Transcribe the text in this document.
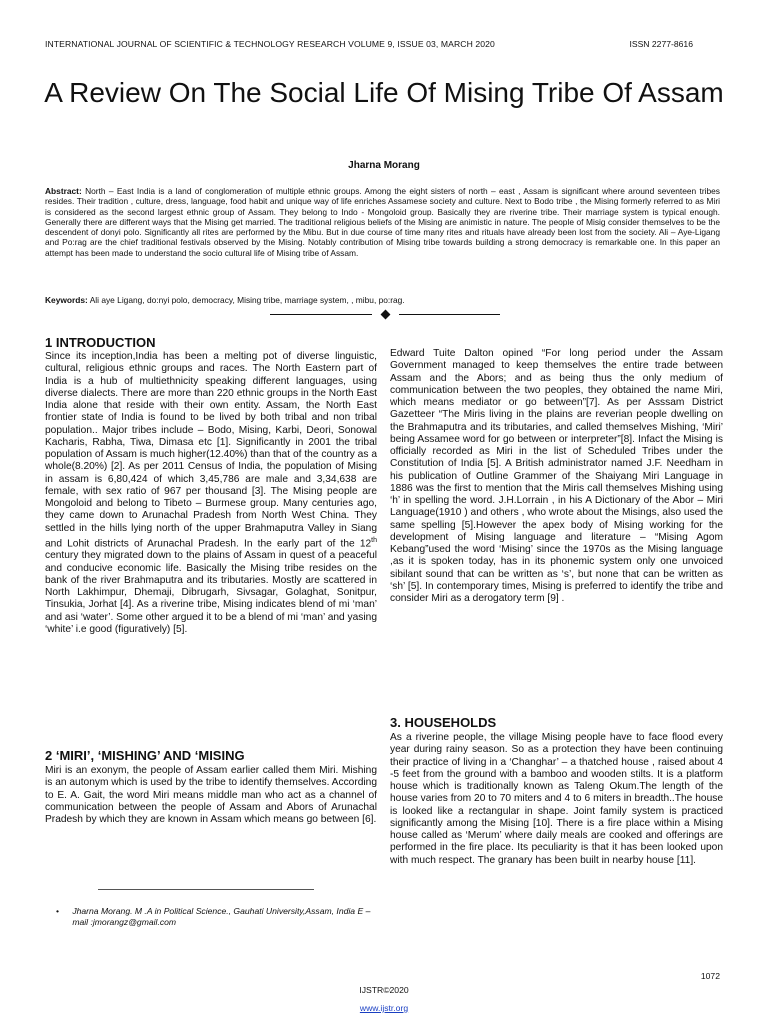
INTERNATIONAL JOURNAL OF SCIENTIFIC & TECHNOLOGY RESEARCH VOLUME 9, ISSUE 03, MARCH 2020	ISSN 2277-8616
A Review On The Social Life Of Mising Tribe Of Assam
Jharna Morang

Abstract: North – East India is a land of conglomeration of multiple ethnic groups. Among the eight sisters of north – east , Assam is significant where around seventeen tribes resides. Their tradition , culture, dress, language, food habit and unique way of life enriches Assamese society and culture. Next to Bodo tribe , the Mising formerly referred to as Miri is considered as the second largest ethnic group of Assam. They belong to Indo - Mongoloid group. Basically they are riverine tribe. Their marriage system is typical enough. Generally there are different ways that the Mising get married. The traditional religious beliefs of the Mising are animistic in nature. The people of Misig consider themselves to be the descendent of donyi polo. Significantly all rites are performed by the Mibu. But in due course of time many rites and rituals have already been lost from the society. Ali – Aye-Ligang and Po:rag are the chief traditional festivals observed by the Mising. Notably contribution of Mising tribe towards building a strong democracy is remarkable one. In this paper an attempt has been made to understand the socio cultural life of Mising tribe of Assam.

Keywords: Ali aye Ligang, do:nyi polo, democracy, Mising tribe, marriage system, , mibu, po:rag.

1 INTRODUCTION

Since its inception,India has been a melting pot of diverse linguistic, cultural, religious ethnic groups and races. The North Eastern part of India is a hub of multiethnicity speaking different languages, using diverse dialects. There are more than 220 ethnic groups in the North East India alone that reside with their own entity. Assam, the North East frontier state of India is found to be lived by both tribal and non tribal population.. Major tribes include – Bodo, Mising, Karbi, Deori, Sonowal Kacharis, Rabha, Tiwa, Dimasa etc [1]. Significantly in 2001 the tribal population of Assam is much higher(12.40%) than that of the country as a whole(8.20%) [2]. As per 2011 Census of India, the population of Mising in assam is 6,80,424 of which 3,45,786 are male and 3,34,638 are female, with sex ratio of 967 per thousand [3]. The Mising people are Mongoloid and belong to Tibeto – Burmese group. Many centuries ago, they came down to Arunachal Pradesh from North West China. They settled in the hills lying north of the upper Brahmaputra Valley in Siang and Lohit districts of Arunachal Pradesh. In the early part of the 12th century they migrated down to the plains of Assam in quest of a peaceful and conducive economic life. Basically the Mising tribe resides on the bank of the river Brahmaputra and its tributaries. Mostly are scattered in North Lakhimpur, Dhemaji, Dibrugarh, Sivsagar, Golaghat, Sonitpur, Tinsukia, Jorhat [4]. As a riverine tribe, Mising indicates blend of mi ‘man’ and asi ‘water’. Some other argued it to be a blend of mi ‘man’ and yasing ‘white’ i.e good (figuratively) [5].

2 ‘MIRI’, ‘MISHING’ AND ‘MISING

Miri is an exonym, the people of Assam earlier called them Miri. Mishing is an autonym which is used by the tribe to identify themselves. According to E. A. Gait, the word Miri means middle man who act as a channel of communication between the people of Assam and Abors of Arunachal Pradesh by which they are known in Assam which means go between [6].

•	Jharna Morang. M .A in Political Science., Gauhati University,Assam, India E – mail :jmorangz@gmail.com

Edward Tuite Dalton opined “For long period under the Assam Government managed to keep themselves the entire trade between Assam and the Abors; and as being thus the only medium of communication between the two peoples, they obtained the name Miri, which means mediator or go between”[7]. As per Asssam District Gazetteer “The Miris living in the plains are reverian people dwelling on the Brahmaputra and its tributaries, and called themselves Mishing, ‘Miri’ being Assamee word for go between or interpreter”[8]. Infact the Mising is officially recorded as Miri in the list of Scheduled Tribes under the Constitution of India [5]. A British administrator named J.F. Needham in his publication of Outline Grammer of the Shaiyang Miri Language in 1886 was the first to mention that the Miris call themselves Mishing using ‘h’ in spelling the word. J.H.Lorrain , in his A Dictionary of the Abor – Miri Language(1910 ) and others , who wrote about the Misings, also used the same spelling [5].However the apex body of Mising working for the development of Mising language and literature – “Mising Agom Kebang”used the word ‘Mising’ since the 1970s as the Mising language ,as it is spoken today, has in its phonemic system only one unvoiced sibilant sound that can be written as ‘s’, but none that can be written as ‘sh’ [5]. In contemporary times, Mising is preferred to identify the tribe and consider Miri as a derogatory term [9] .

3. HOUSEHOLDS

As a riverine people, the village Mising people have to face flood every year during rainy season. So as a protection they have been continuing their practice of living in a ‘Changhar’ – a thatched house , raised about 4 -5 feet from the ground with a bamboo and wooden stilts. It is a platform house which is traditionally known as Taleng Okum.The length of the house varies from 20 to 70 miters and 4 to 6 miters in breadth..The house is looked like a rectangular in shape. Joint family system is practiced significantly among the Mising [10]. There is a fire place within a Mising house called as ‘Merum’ where daily meals are cooked and offerings are performed in the fire place. Its peculiarity is that it has been looked upon with much respect. The granary has been built in nearby house [11].

1072
IJSTR©2020
www.ijstr.org
